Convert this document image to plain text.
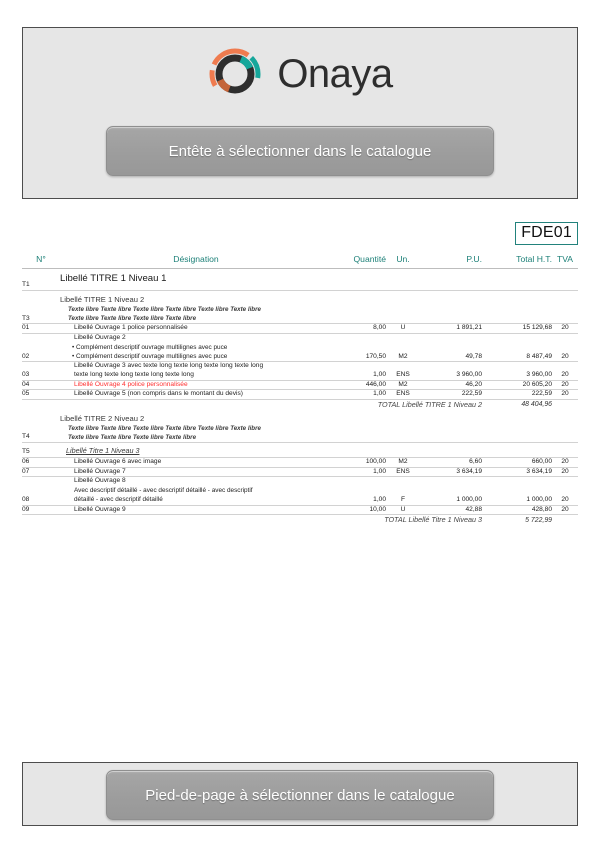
Onaya
Entête à sélectionner dans le catalogue
FDE01
N°	Désignation	Quantité	Un.	P.U.	Total H.T.	TVA
T1	Libellé TITRE 1 Niveau 1					

T3	Libellé TITRE 1 Niveau 2
Texte libre Texte libre Texte libre Texte libre Texte libre Texte libre
Texte libre Texte libre Texte libre Texte libre					

01	Libellé Ouvrage 1 police personnalisée	8,00	U	1 891,21	15 129,68	20
02	Libellé Ouvrage 2
• Complément descriptif ouvrage multilignes avec puce
• Complément descriptif ouvrage multilignes avec puce	170,50	M2	49,78	8 487,49	20
03	Libellé Ouvrage 3 avec texte long texte long texte long texte long
texte long texte long texte long texte long	1,00	ENS	3 960,00	3 960,00	20
04	Libellé Ouvrage 4 police personnalisée	446,00	M2	46,20	20 605,20	20
05	Libellé Ouvrage 5 (non compris dans le montant du devis)	1,00	ENS	222,59	222,59	20
TOTAL Libellé TITRE 1 Niveau 2					48 404,96	
T4	Libellé TITRE 2 Niveau 2
Texte libre Texte libre Texte libre Texte libre Texte libre Texte libre
Texte libre Texte libre Texte libre Texte libre					

T5	Libellé Titre 1 Niveau 3					

06	Libellé Ouvrage 6 avec image	100,00	M2	6,60	660,00	20
07	Libellé Ouvrage 7	1,00	ENS	3 634,19	3 634,19	20
08	Libellé Ouvrage 8
Avec descriptif détaillé - avec descriptif détaillé - avec descriptif
détaillé - avec descriptif détaillé	1,00	F	1 000,00	1 000,00	20
09	Libellé Ouvrage 9	10,00	U	42,88	428,80	20
TOTAL Libellé Titre 1 Niveau 3					5 722,99	
Pied-de-page à sélectionner dans le catalogue
